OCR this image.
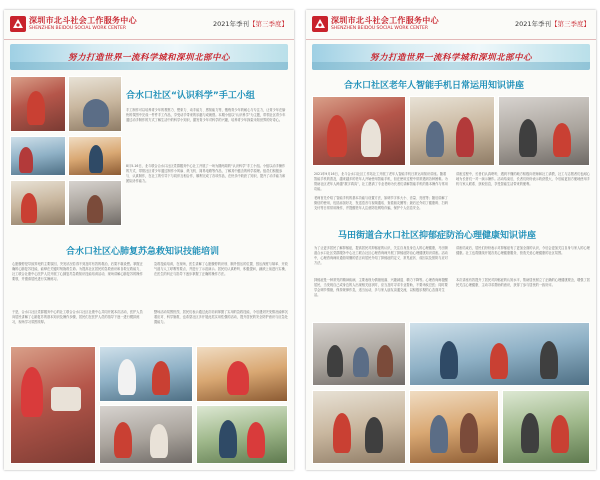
深圳市北斗社会工作服务中心
SHENZHEN BEIDOU SOCIAL WORK CENTER
2021年季刊【第三季度】
努力打造世界一流科学城和深圳北部中心
合水口社区“认识科学”手工小组
手工制作可以培养青少年的观察力、想象力、动手能力、感知能力等，锻炼青少年的耐心与专注力，让青少年在愉快的氛围中完成一件件手工作品，享受动手带来的乐趣与成就感。本期小组以“认识科学”为主题，带领社区青少年通过动手制作的方式了解生活中的科学小知识，激发青少年对科学的兴趣，培养青少年探索未知世界的好奇心。
8月5-16日，北斗联合合水口社区党群服务中心社工开展了一场为期两周的“认识科学”手工小组。小组以动手操作的方式，带领社区青少年通过制作小风扇、纸飞机、简易电路等作品，了解其中蕴含的科学原理。组员们积极参与、认真制作，在社工的引导下与同伴互相合作，顺利完成了各项作品，在快乐中收获了知识，提升了动手能力和团队协作能力。
合水口社区心肺复苏急救知识技能培训
心脏骤停是导致猝死的主要原因，突发状况若得不到及时有效的救治，后果不堪设想。掌握正确的心肺复苏技能，能够在关键时刻挽救生命。为提高社区居民的急救意识和自救互救能力，社工联合社康中心医护人员开展了心肺复苏急救知识技能培训活动，现场讲解心肺复苏的操作要领，并邀请居民进行实操练习。
于是，合水口社区党群服务中心的社工联合合水口社区社康中心共同开展本次活动，医护人员向居民讲解了心肺复苏的基本知识及操作步骤，居民们在医护人员的指导下逐一进行模拟练习，现场学习氛围浓厚。
急救技能培训，在现场，医生讲解了心脏骤停的识别、胸外按压的位置、按压深度与频率、开放气道与人工呼吸等要点，并进行了示范演示。居民们认真聆听、积极提问，踊跃上前进行实操，在医生的纠正与指导下逐步掌握了正确的操作方法。
整场活动氛围热烈，居民们表示通过此次培训掌握了实用的急救技能，今后遇到突发情况能够沉着应对、科学施救，也希望社区多开展此类实用性强的活动，提升居民的安全防护意识与应急处置能力。
深圳市北斗社会工作服务中心
SHENZHEN BEIDOU SOCIAL WORK CENTER
2021年季刊【第三季度】
努力打造世界一流科学城和深圳北部中心
合水口社区老年人智能手机日常运用知识讲座
2021年9月16日，北斗合水口社区工作站社工开展了老年人智能手机日常运用知识讲座。随着智能手机的普及，越来越多的老年人开始使用智能手机，但在使用过程中常常遇到各种困难。为帮助社区老年人跨越“数字鸿沟”，社工邀请了专业老师为长者们讲解智能手机的基本操作与常用功能。
老师首先介绍了智能手机的基本功能与设置方法，如调节字体大小、音量、亮度等；随后讲解了微信的使用，包括添加好友、发送语音与视频通话、查看朋友圈等；最后还介绍了健康码、扫码支付等日常常用操作，并提醒老年人注意防范网络诈骗，保护个人信息安全。
讲座过程中，长者们认真聆听，遇到不懂的地方积极向老师和社工请教，社工与志愿者们也耐心地为长者们一对一演示操作。活动结束后，长者们纷纷表示收获很大，今后能更加方便地使用手机与家人联系、获取信息，享受智能生活带来的便利。
马田街道合水口社区抑郁症防治心理健康知识讲座
为了让更多居民了解抑郁症，提高居民对抑郁症的认识，关注自身及身边人的心理健康，马田街道合水口社区党群服务中心社工联合社区心理咨询师开展了抑郁症防治心理健康知识讲座。活动中，心理咨询师用通俗易懂的语言向居民介绍了抑郁症的定义、常见症状、成因以及预防与应对方法。
抑郁症是一种常见的精神疾病，主要表现为情绪低落、兴趣减退、精力下降等。心理咨询师提醒居民，当发现自己或身边的人出现相关症状时，应当及时寻求专业帮助，不要讳疾忌医；同时要学会调节情绪，保持规律作息，适当运动，多与家人朋友沟通交流，以积极乐观的心态面对生活。
讲座结束后，居民们纷纷表示对抑郁症有了更加全面的认识，今后会更加关注自身与家人的心理健康。社工也将继续开展各类心理健康服务，营造关爱心理健康的社区氛围。
本次讲座有效提升了居民对抑郁症的认知水平，帮助居民树立了正确的心理健康观念，增强了居民关注心理健康、主动寻求帮助的意识，获得了参与居民的一致好评。
